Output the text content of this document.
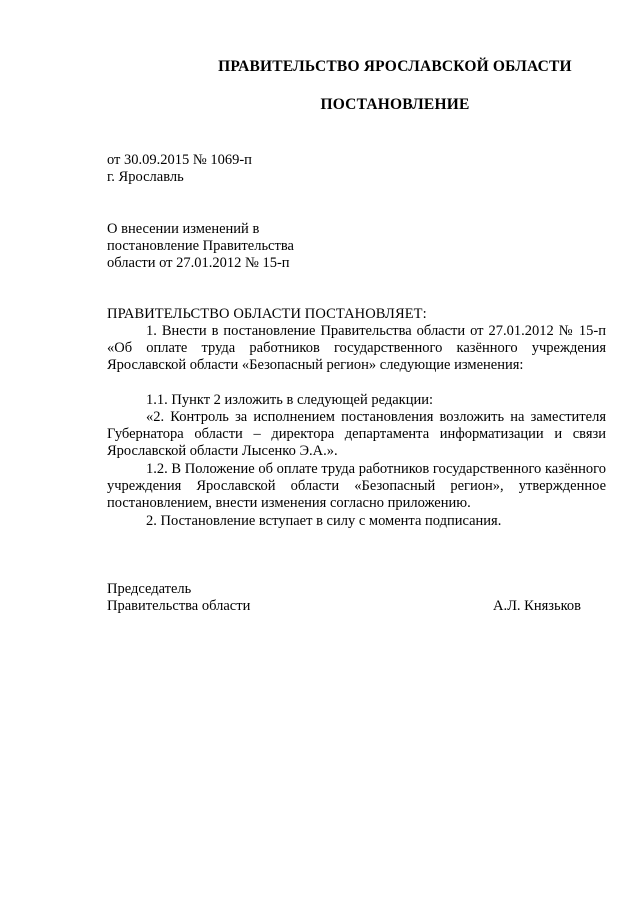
ПРАВИТЕЛЬСТВО ЯРОСЛАВСКОЙ ОБЛАСТИ
ПОСТАНОВЛЕНИЕ
от 30.09.2015 № 1069-п
г. Ярославль
О внесении изменений в
постановление Правительства
области от 27.01.2012 № 15-п
ПРАВИТЕЛЬСТВО ОБЛАСТИ ПОСТАНОВЛЯЕТ:
1. Внести в постановление Правительства области от 27.01.2012 № 15-п «Об оплате труда работников государственного казённого учреждения Ярославской области «Безопасный регион» следующие изменения:
1.1. Пункт 2 изложить в следующей редакции:
«2. Контроль за исполнением постановления возложить на заместителя Губернатора области – директора департамента информатизации и связи Ярославской области Лысенко Э.А.».
1.2. В Положение об оплате труда работников государственного казённого учреждения Ярославской области «Безопасный регион», утвержденное постановлением, внести изменения согласно приложению.
2. Постановление вступает в силу с момента подписания.
Председатель
Правительства области	А.Л. Князьков
